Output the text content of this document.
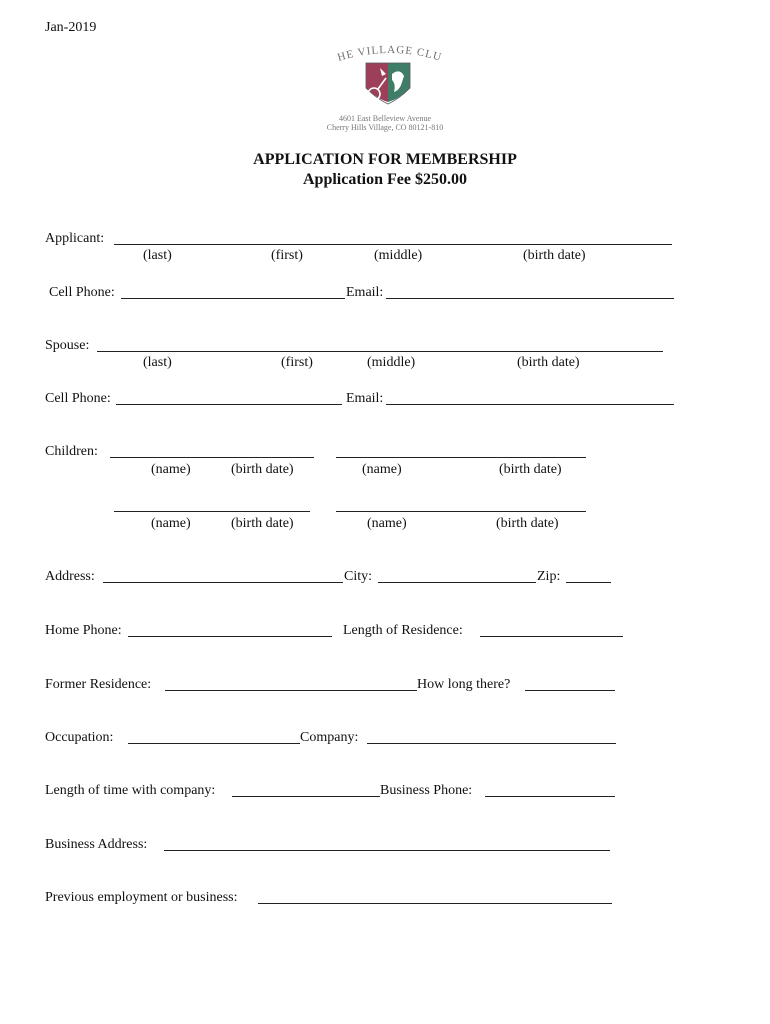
Jan-2019
HE VILLAGE CLU
4601 East Belleview Avenue
Cherry Hills Village, CO 80121-810
APPLICATION FOR MEMBERSHIP
Application Fee $250.00
Applicant:
(last)	(first)	(middle)	(birth date)
Cell Phone:	Email:
Spouse:
(last)	(first)	(middle)	(birth date)
Cell Phone:	Email:
Children:
(name)	(birth date)	(name)	(birth date)
(name)	(birth date)	(name)	(birth date)
Address:	City:	Zip:
Home Phone:	Length of Residence:
Former Residence:	How long there?
Occupation:	Company:
Length of time with company:	Business Phone:
Business Address:
Previous employment or business:
